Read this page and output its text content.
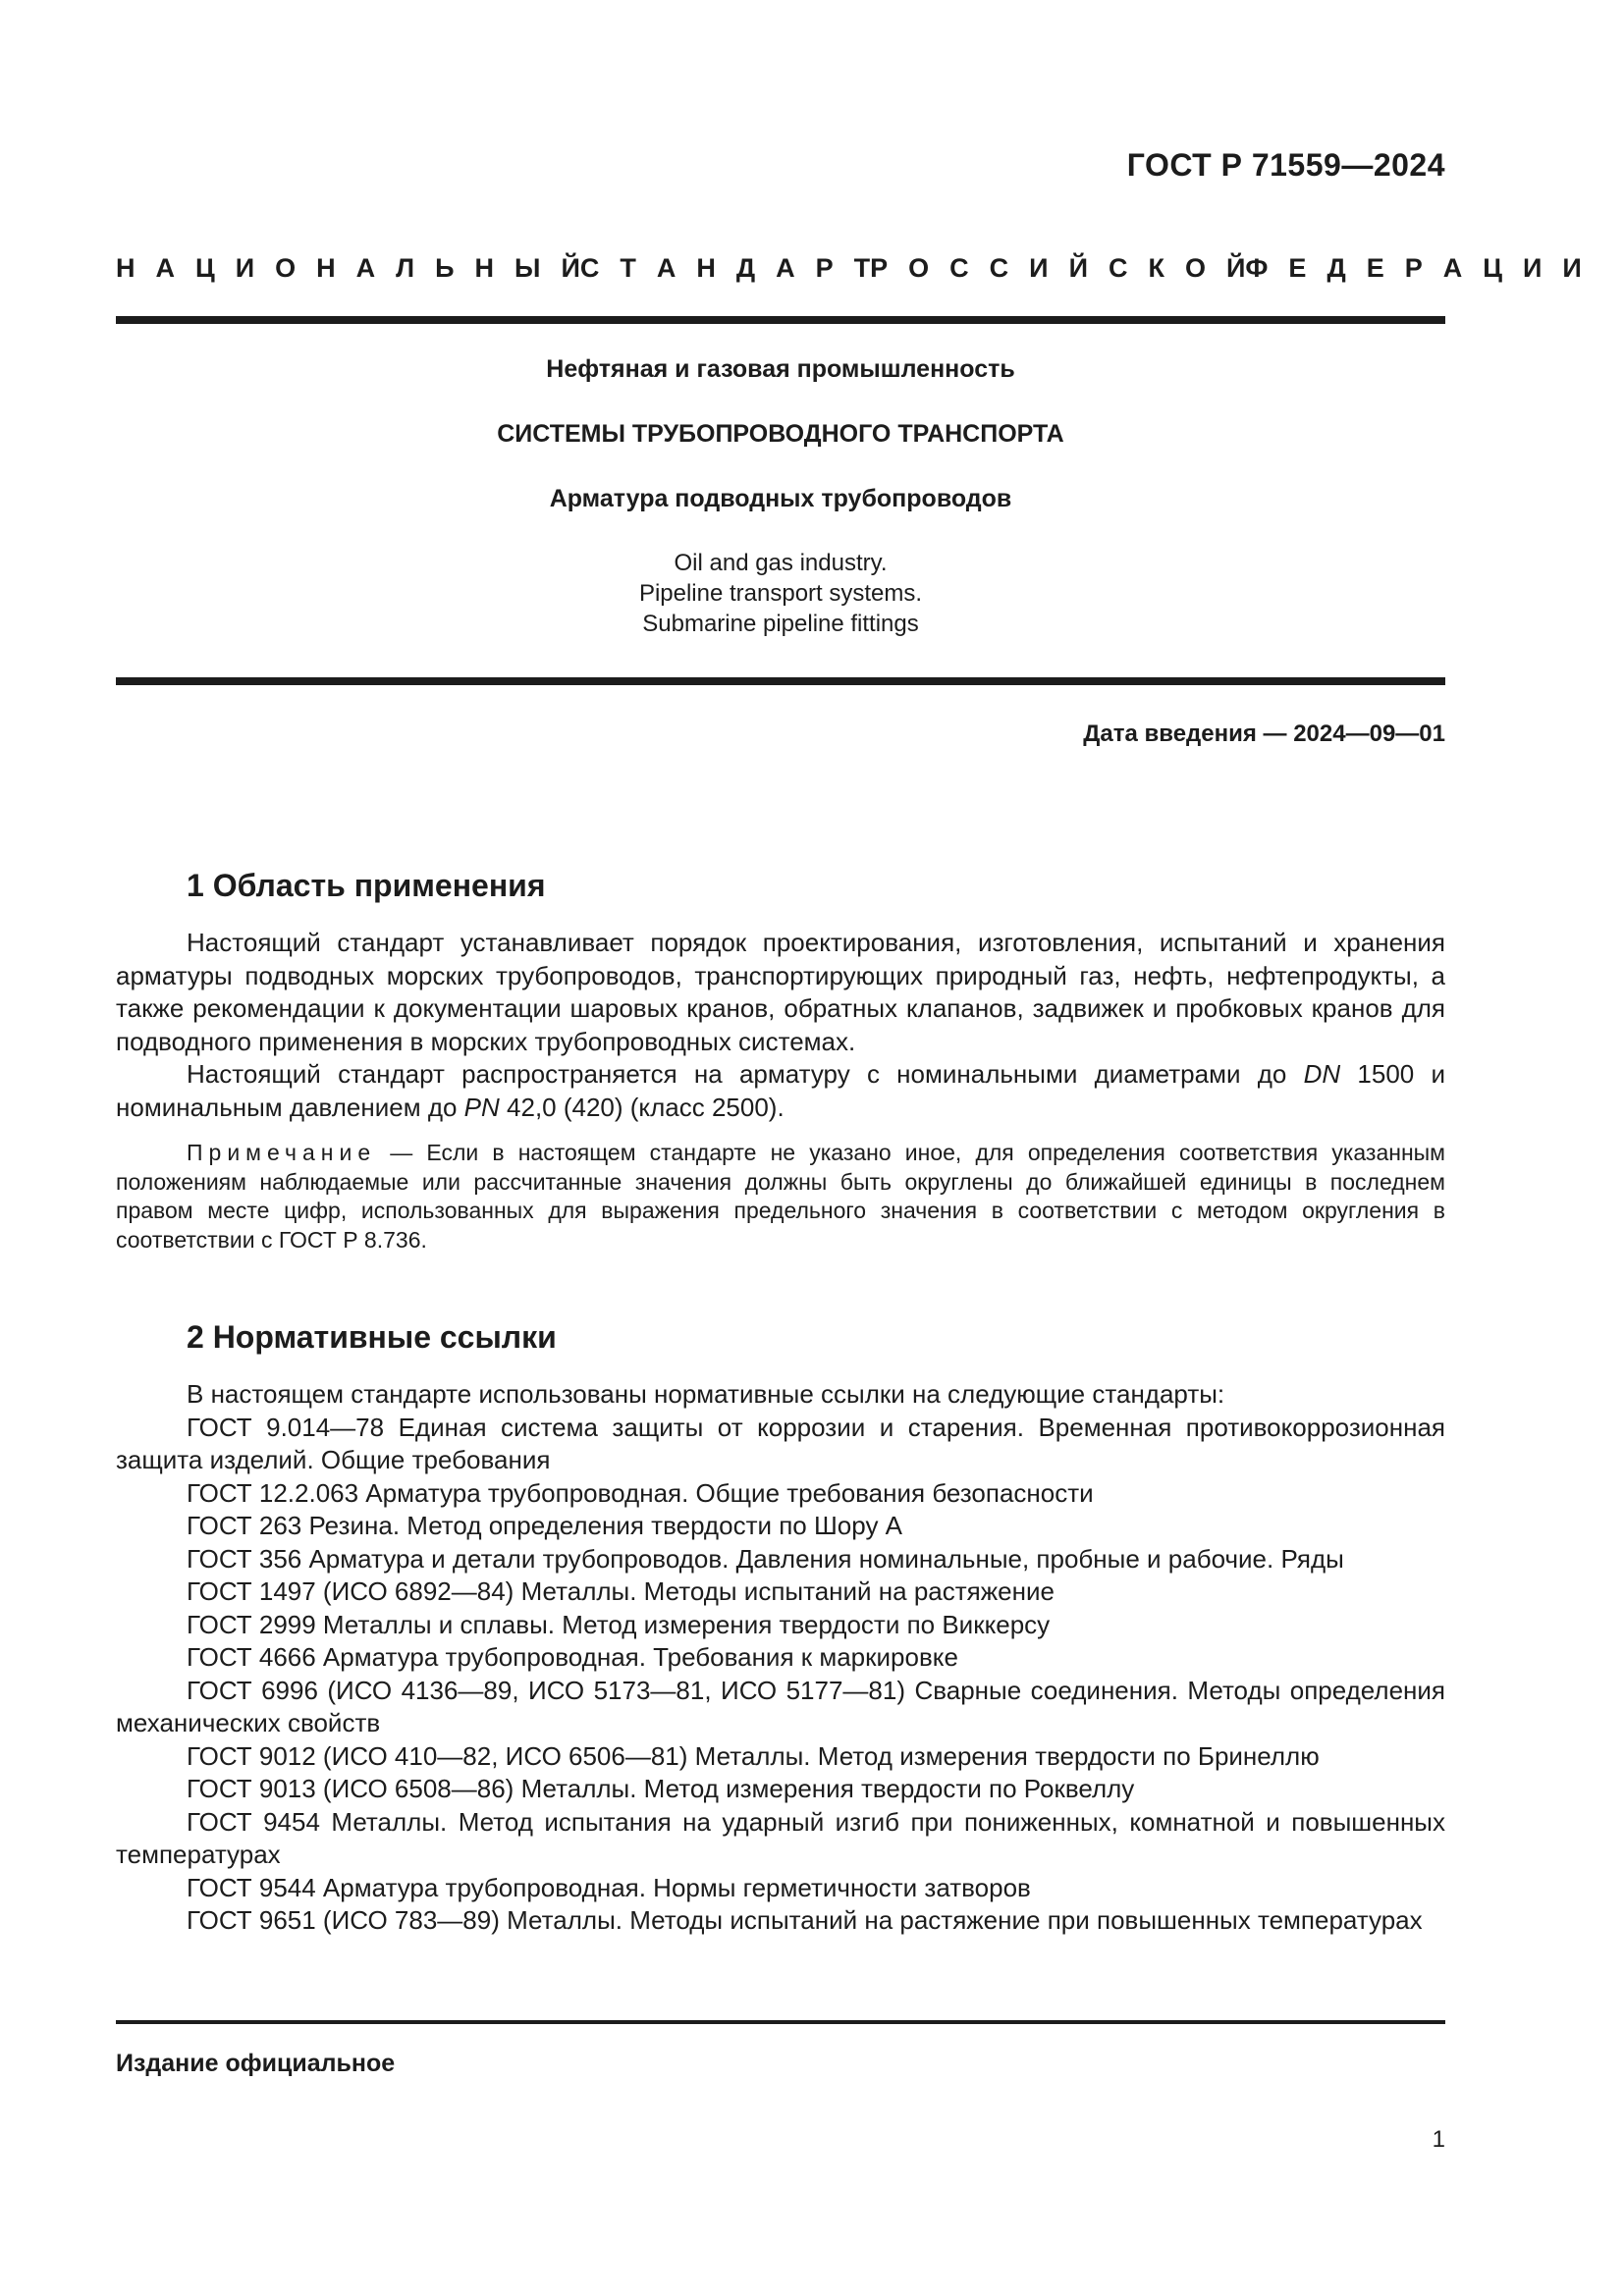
ГОСТ Р 71559—2024
Н А Ц И О Н А Л Ь Н Ы Й С Т А Н Д А Р Т Р О С С И Й С К О Й Ф Е Д Е Р А Ц И И
Нефтяная и газовая промышленность
СИСТЕМЫ ТРУБОПРОВОДНОГО ТРАНСПОРТА
Арматура подводных трубопроводов
Oil and gas industry.
Pipeline transport systems.
Submarine pipeline fittings
Дата введения — 2024—09—01
1 Область применения

Настоящий стандарт устанавливает порядок проектирования, изготовления, испытаний и хранения арматуры подводных морских трубопроводов, транспортирующих природный газ, нефть, нефтепродукты, а также рекомендации к документации шаровых кранов, обратных клапанов, задвижек и пробковых кранов для подводного применения в морских трубопроводных системах.

Настоящий стандарт распространяется на арматуру с номинальными диаметрами до DN 1500 и номинальным давлением до PN 42,0 (420) (класс 2500).

Примечание — Если в настоящем стандарте не указано иное, для определения соответствия указанным положениям наблюдаемые или рассчитанные значения должны быть округлены до ближайшей единицы в последнем правом месте цифр, использованных для выражения предельного значения в соответствии с методом округления в соответствии с ГОСТ Р 8.736.
2 Нормативные ссылки

В настоящем стандарте использованы нормативные ссылки на следующие стандарты:

ГОСТ 9.014—78 Единая система защиты от коррозии и старения. Временная противокоррозионная защита изделий. Общие требования

ГОСТ 12.2.063 Арматура трубопроводная. Общие требования безопасности

ГОСТ 263 Резина. Метод определения твердости по Шору А

ГОСТ 356 Арматура и детали трубопроводов. Давления номинальные, пробные и рабочие. Ряды

ГОСТ 1497 (ИСО 6892—84) Металлы. Методы испытаний на растяжение

ГОСТ 2999 Металлы и сплавы. Метод измерения твердости по Виккерсу

ГОСТ 4666 Арматура трубопроводная. Требования к маркировке

ГОСТ 6996 (ИСО 4136—89, ИСО 5173—81, ИСО 5177—81) Сварные соединения. Методы определения механических свойств

ГОСТ 9012 (ИСО 410—82, ИСО 6506—81) Металлы. Метод измерения твердости по Бринеллю

ГОСТ 9013 (ИСО 6508—86) Металлы. Метод измерения твердости по Роквеллу

ГОСТ 9454 Металлы. Метод испытания на ударный изгиб при пониженных, комнатной и повышенных температурах

ГОСТ 9544 Арматура трубопроводная. Нормы герметичности затворов

ГОСТ 9651 (ИСО 783—89) Металлы. Методы испытаний на растяжение при повышенных температурах

Издание официальное
1
